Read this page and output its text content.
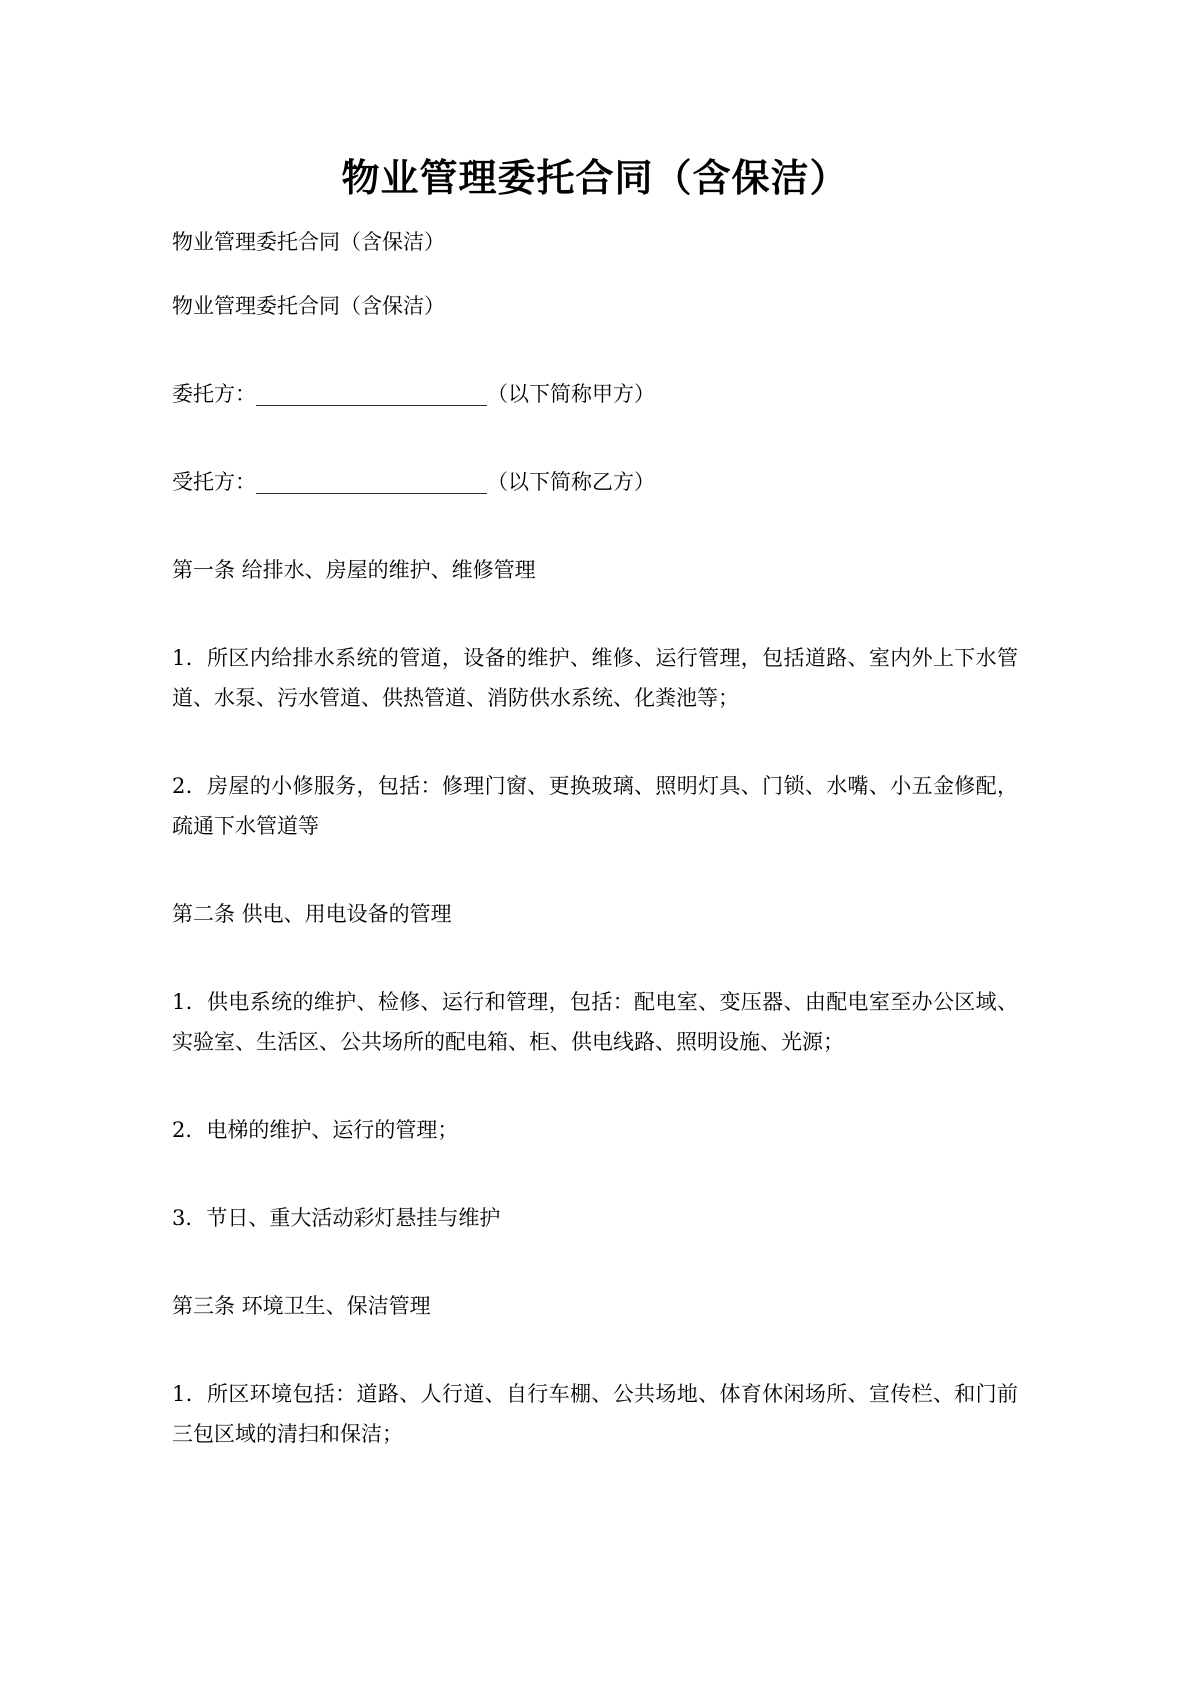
物业管理委托合同（含保洁）

物业管理委托合同（含保洁）

物业管理委托合同（含保洁）

委托方：______________________（以下简称甲方）

受托方：______________________（以下简称乙方）

第一条 给排水、房屋的维护、维修管理

1．所区内给排水系统的管道，设备的维护、维修、运行管理，包括道路、室内外上下水管道、水泵、污水管道、供热管道、消防供水系统、化粪池等；

2．房屋的小修服务，包括：修理门窗、更换玻璃、照明灯具、门锁、水嘴、小五金修配，疏通下水管道等

第二条 供电、用电设备的管理

1．供电系统的维护、检修、运行和管理，包括：配电室、变压器、由配电室至办公区域、实验室、生活区、公共场所的配电箱、柜、供电线路、照明设施、光源；

2．电梯的维护、运行的管理；

3．节日、重大活动彩灯悬挂与维护

第三条 环境卫生、保洁管理

1．所区环境包括：道路、人行道、自行车棚、公共场地、体育休闲场所、宣传栏、和门前三包区域的清扫和保洁；
